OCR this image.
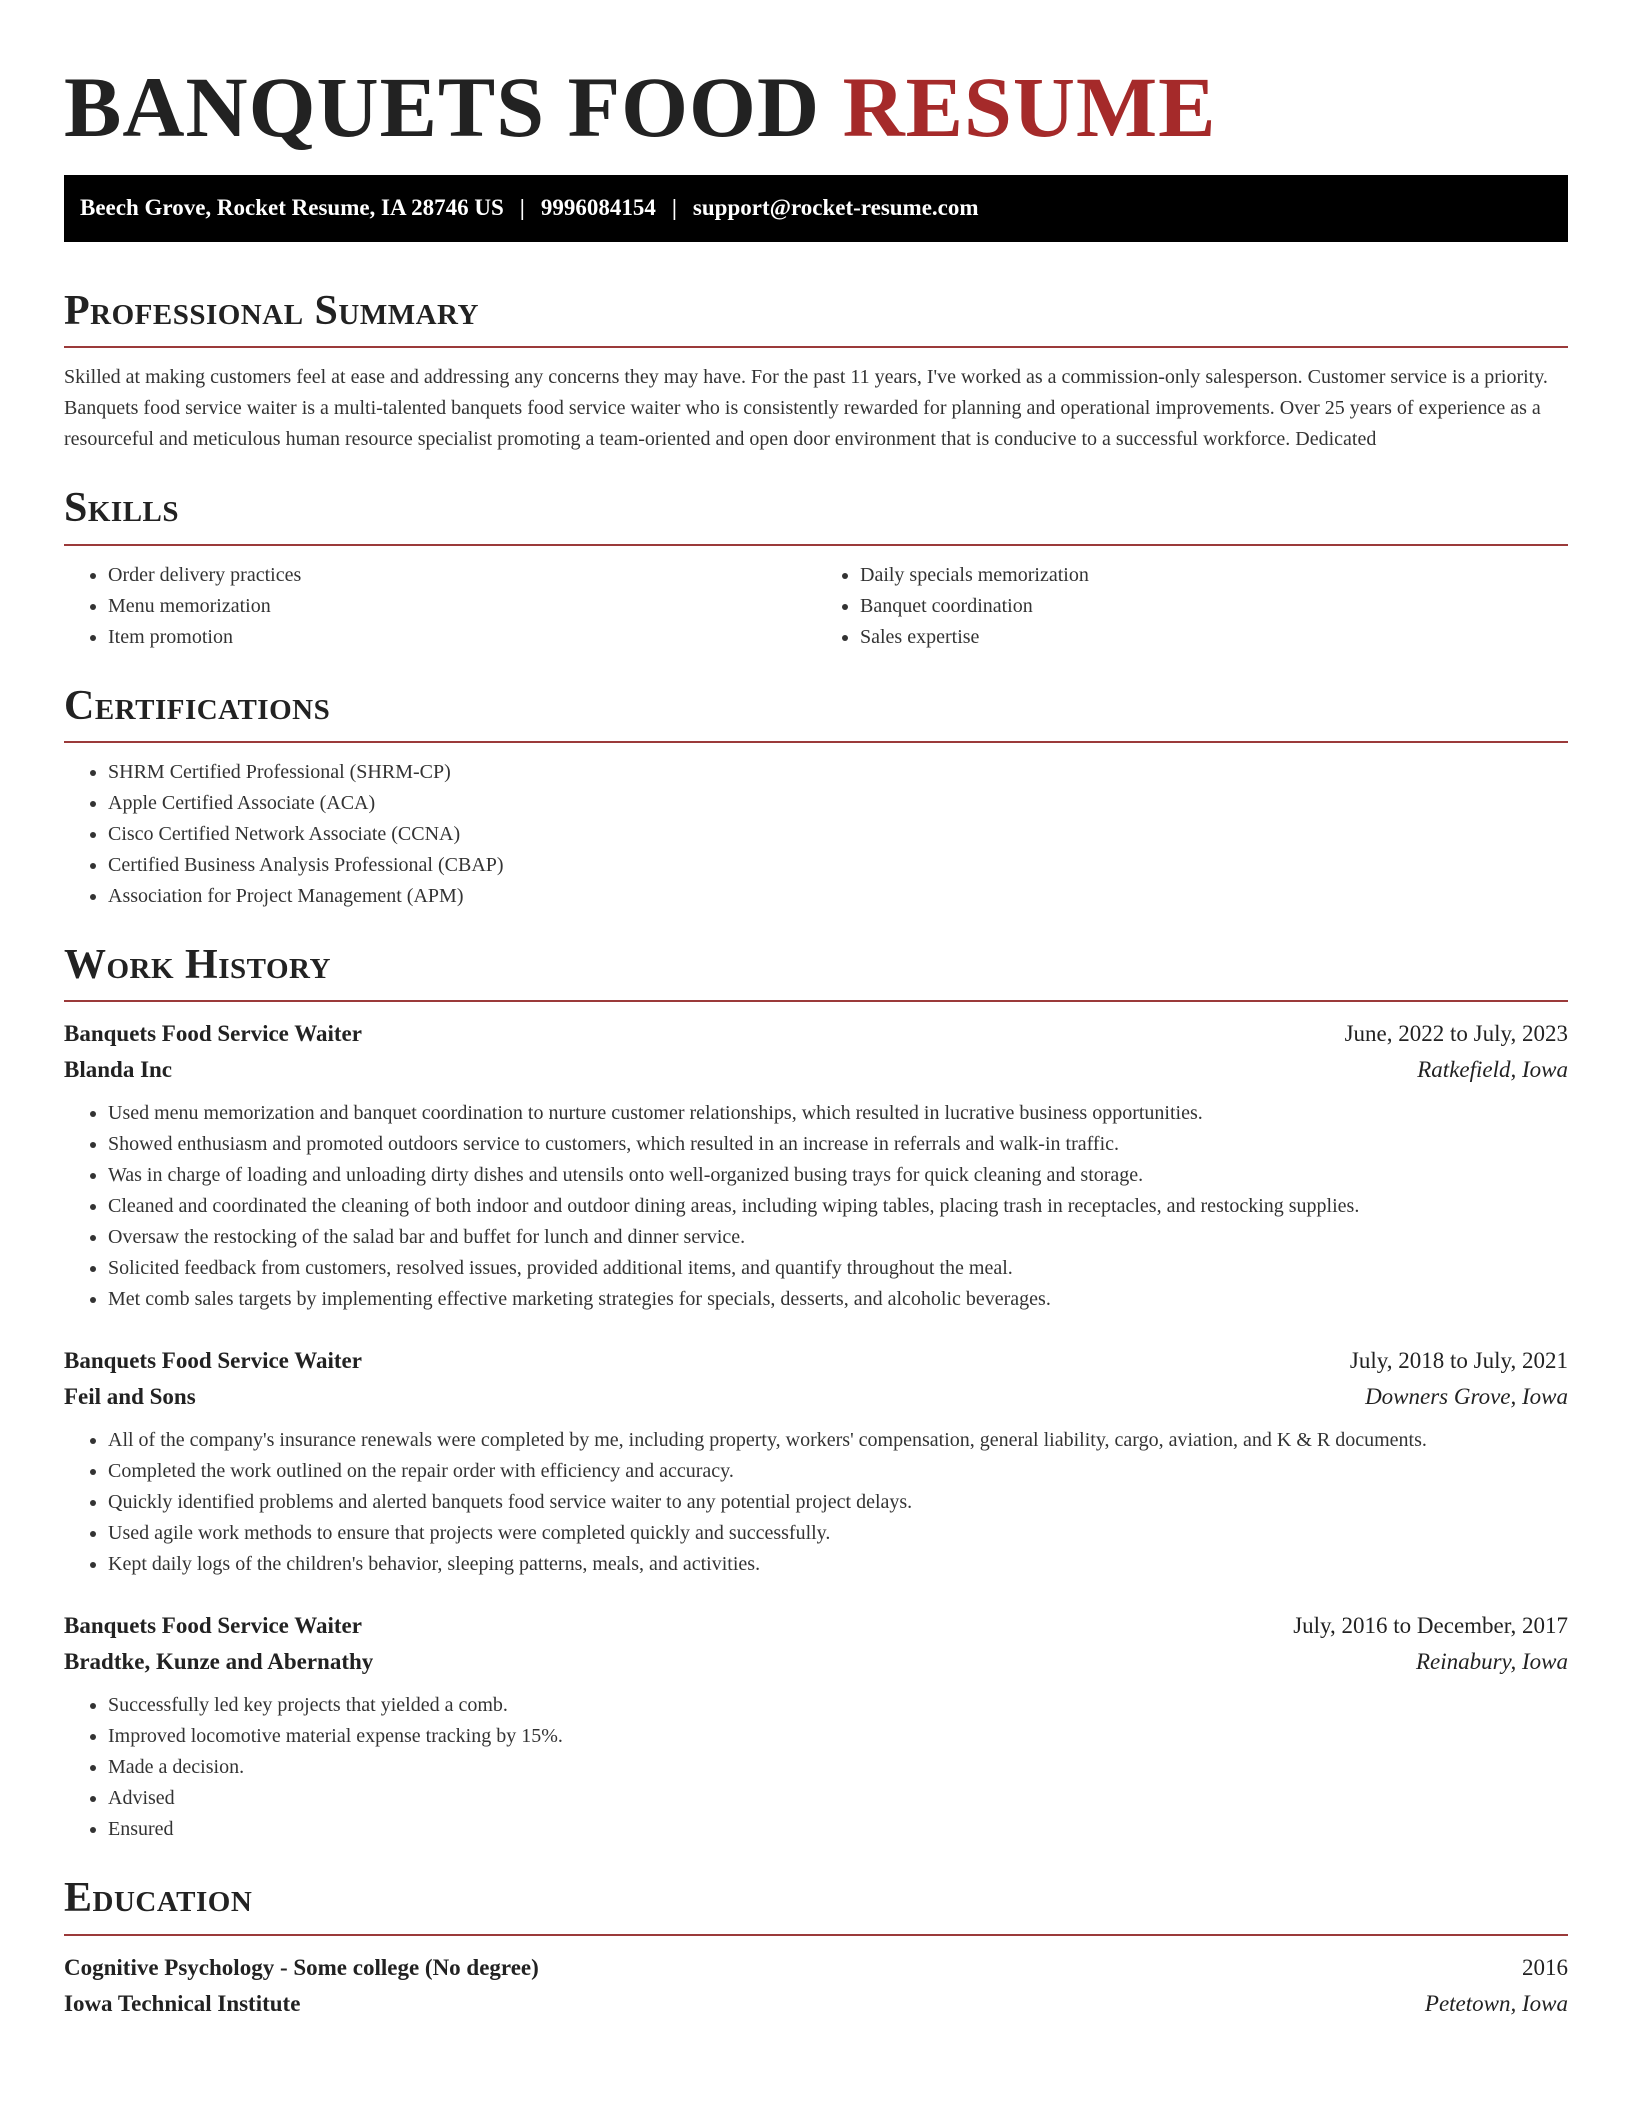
BANQUETS FOOD RESUME
Beech Grove, Rocket Resume, IA 28746 US | 9996084154 | support@rocket-resume.com
Professional Summary

Skilled at making customers feel at ease and addressing any concerns they may have. For the past 11 years, I've worked as a commission-only salesperson. Customer service is a priority. Banquets food service waiter is a multi-talented banquets food service waiter who is consistently rewarded for planning and operational improvements. Over 25 years of experience as a resourceful and meticulous human resource specialist promoting a team-oriented and open door environment that is conducive to a successful workforce. Dedicated

Skills
• Order delivery practices
• Menu memorization
• Item promotion
• Daily specials memorization
• Banquet coordination
• Sales expertise
Certifications
• SHRM Certified Professional (SHRM-CP)
• Apple Certified Associate (ACA)
• Cisco Certified Network Associate (CCNA)
• Certified Business Analysis Professional (CBAP)
• Association for Project Management (APM)
Work History
Banquets Food Service Waiter	June, 2022 to July, 2023
Blanda Inc	Ratkefield, Iowa
• Used menu memorization and banquet coordination to nurture customer relationships, which resulted in lucrative business opportunities.
• Showed enthusiasm and promoted outdoors service to customers, which resulted in an increase in referrals and walk-in traffic.
• Was in charge of loading and unloading dirty dishes and utensils onto well-organized busing trays for quick cleaning and storage.
• Cleaned and coordinated the cleaning of both indoor and outdoor dining areas, including wiping tables, placing trash in receptacles, and restocking supplies.
• Oversaw the restocking of the salad bar and buffet for lunch and dinner service.
• Solicited feedback from customers, resolved issues, provided additional items, and quantify throughout the meal.
• Met comb sales targets by implementing effective marketing strategies for specials, desserts, and alcoholic beverages.
Banquets Food Service Waiter	July, 2018 to July, 2021
Feil and Sons	Downers Grove, Iowa
• All of the company's insurance renewals were completed by me, including property, workers' compensation, general liability, cargo, aviation, and K & R documents.
• Completed the work outlined on the repair order with efficiency and accuracy.
• Quickly identified problems and alerted banquets food service waiter to any potential project delays.
• Used agile work methods to ensure that projects were completed quickly and successfully.
• Kept daily logs of the children's behavior, sleeping patterns, meals, and activities.
Banquets Food Service Waiter	July, 2016 to December, 2017
Bradtke, Kunze and Abernathy	Reinabury, Iowa
• Successfully led key projects that yielded a comb.
• Improved locomotive material expense tracking by 15%.
• Made a decision.
• Advised
• Ensured
Education
Cognitive Psychology - Some college (No degree)	2016
Iowa Technical Institute	Petetown, Iowa
